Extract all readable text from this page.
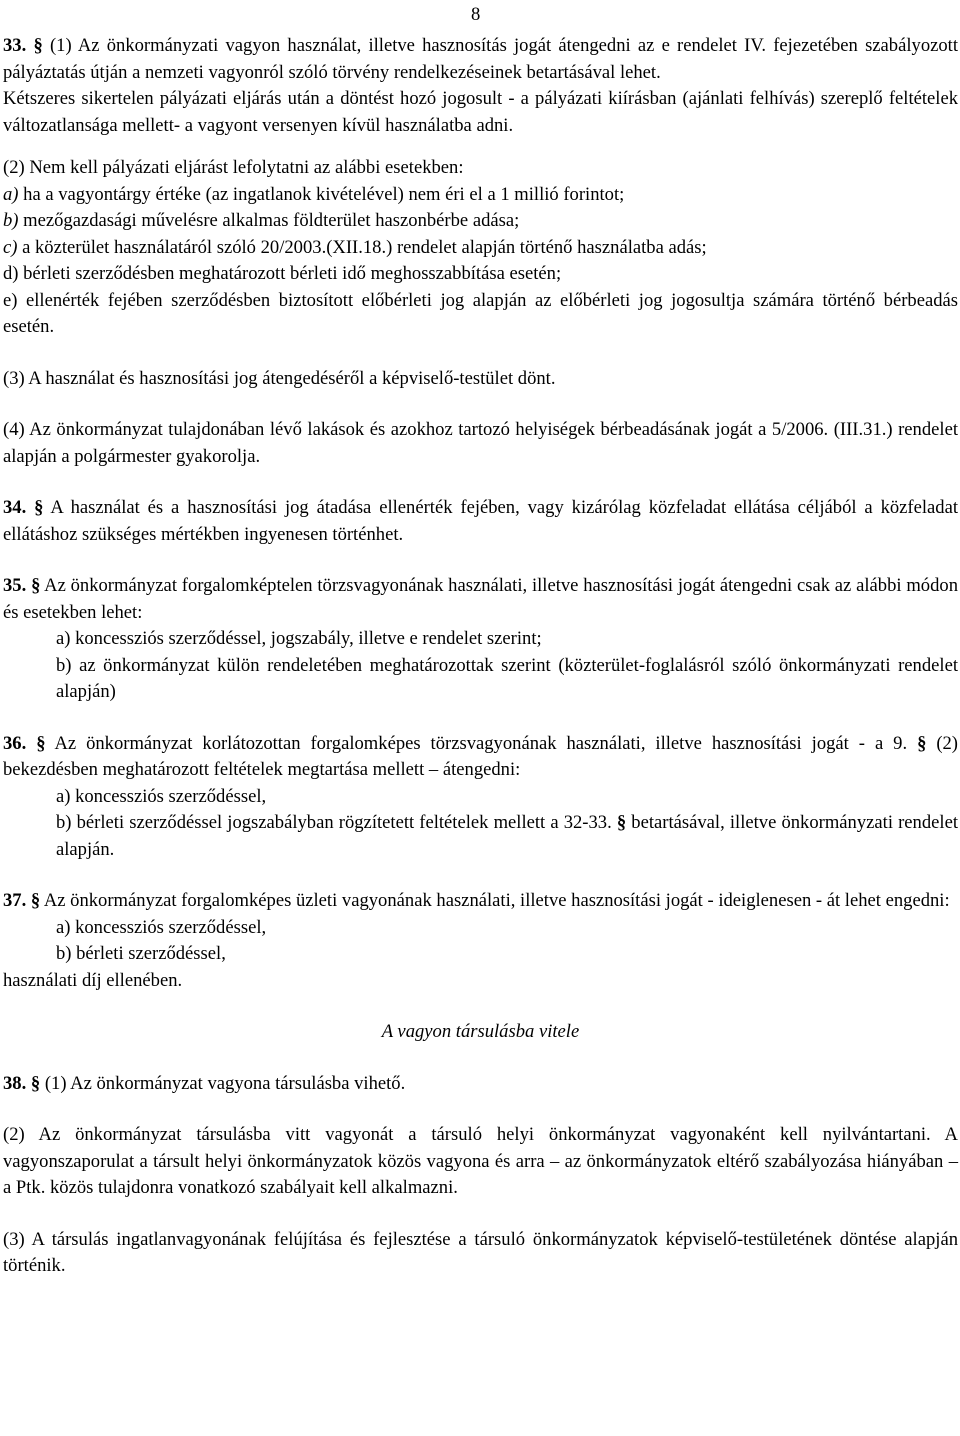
8

33. § (1) Az önkormányzati vagyon használat, illetve hasznosítás jogát átengedni az e rendelet IV. fejezetében szabályozott pályáztatás útján a nemzeti vagyonról szóló törvény rendelkezéseinek betartásával lehet.

Kétszeres sikertelen pályázati eljárás után a döntést hozó jogosult - a pályázati kiírásban (ajánlati felhívás) szereplő feltételek változatlansága mellett- a vagyont versenyen kívül használatba adni.

(2) Nem kell pályázati eljárást lefolytatni az alábbi esetekben:

a) ha a vagyontárgy értéke (az ingatlanok kivételével) nem éri el a 1 millió forintot;

b) mezőgazdasági művelésre alkalmas földterület haszonbérbe adása;

c) a közterület használatáról szóló 20/2003.(XII.18.) rendelet alapján történő használatba adás;

d) bérleti szerződésben meghatározott bérleti idő meghosszabbítása esetén;

e) ellenérték fejében szerződésben biztosított előbérleti jog alapján az előbérleti jog jogosultja számára történő bérbeadás esetén.

(3) A használat és hasznosítási jog átengedéséről a képviselő-testület dönt.

(4) Az önkormányzat tulajdonában lévő lakások és azokhoz tartozó helyiségek bérbeadásának jogát a 5/2006. (III.31.) rendelet alapján a polgármester gyakorolja.

34. § A használat és a hasznosítási jog átadása ellenérték fejében, vagy kizárólag közfeladat ellátása céljából a közfeladat ellátáshoz szükséges mértékben ingyenesen történhet.

35. § Az önkormányzat forgalomképtelen törzsvagyonának használati, illetve hasznosítási jogát átengedni csak az alábbi módon és esetekben lehet:

a) koncessziós szerződéssel, jogszabály, illetve e rendelet szerint;

b) az önkormányzat külön rendeletében meghatározottak szerint (közterület-foglalásról szóló önkormányzati rendelet alapján)

36. § Az önkormányzat korlátozottan forgalomképes törzsvagyonának használati, illetve hasznosítási jogát - a 9. § (2) bekezdésben meghatározott feltételek megtartása mellett – átengedni:

a) koncessziós szerződéssel,

b) bérleti szerződéssel jogszabályban rögzítetett feltételek mellett a 32-33. § betartásával, illetve önkormányzati rendelet alapján.

37. § Az önkormányzat forgalomképes üzleti vagyonának használati, illetve hasznosítási jogát - ideiglenesen - át lehet engedni:

a) koncessziós szerződéssel,

b) bérleti szerződéssel,

használati díj ellenében.

A vagyon társulásba vitele

38. § (1) Az önkormányzat vagyona társulásba vihető.

(2) Az önkormányzat társulásba vitt vagyonát a társuló helyi önkormányzat vagyonaként kell nyilvántartani. A vagyonszaporulat a társult helyi önkormányzatok közös vagyona és arra – az önkormányzatok eltérő szabályozása hiányában – a Ptk. közös tulajdonra vonatkozó szabályait kell alkalmazni.

(3) A társulás ingatlanvagyonának felújítása és fejlesztése a társuló önkormányzatok képviselő-testületének döntése alapján történik.
